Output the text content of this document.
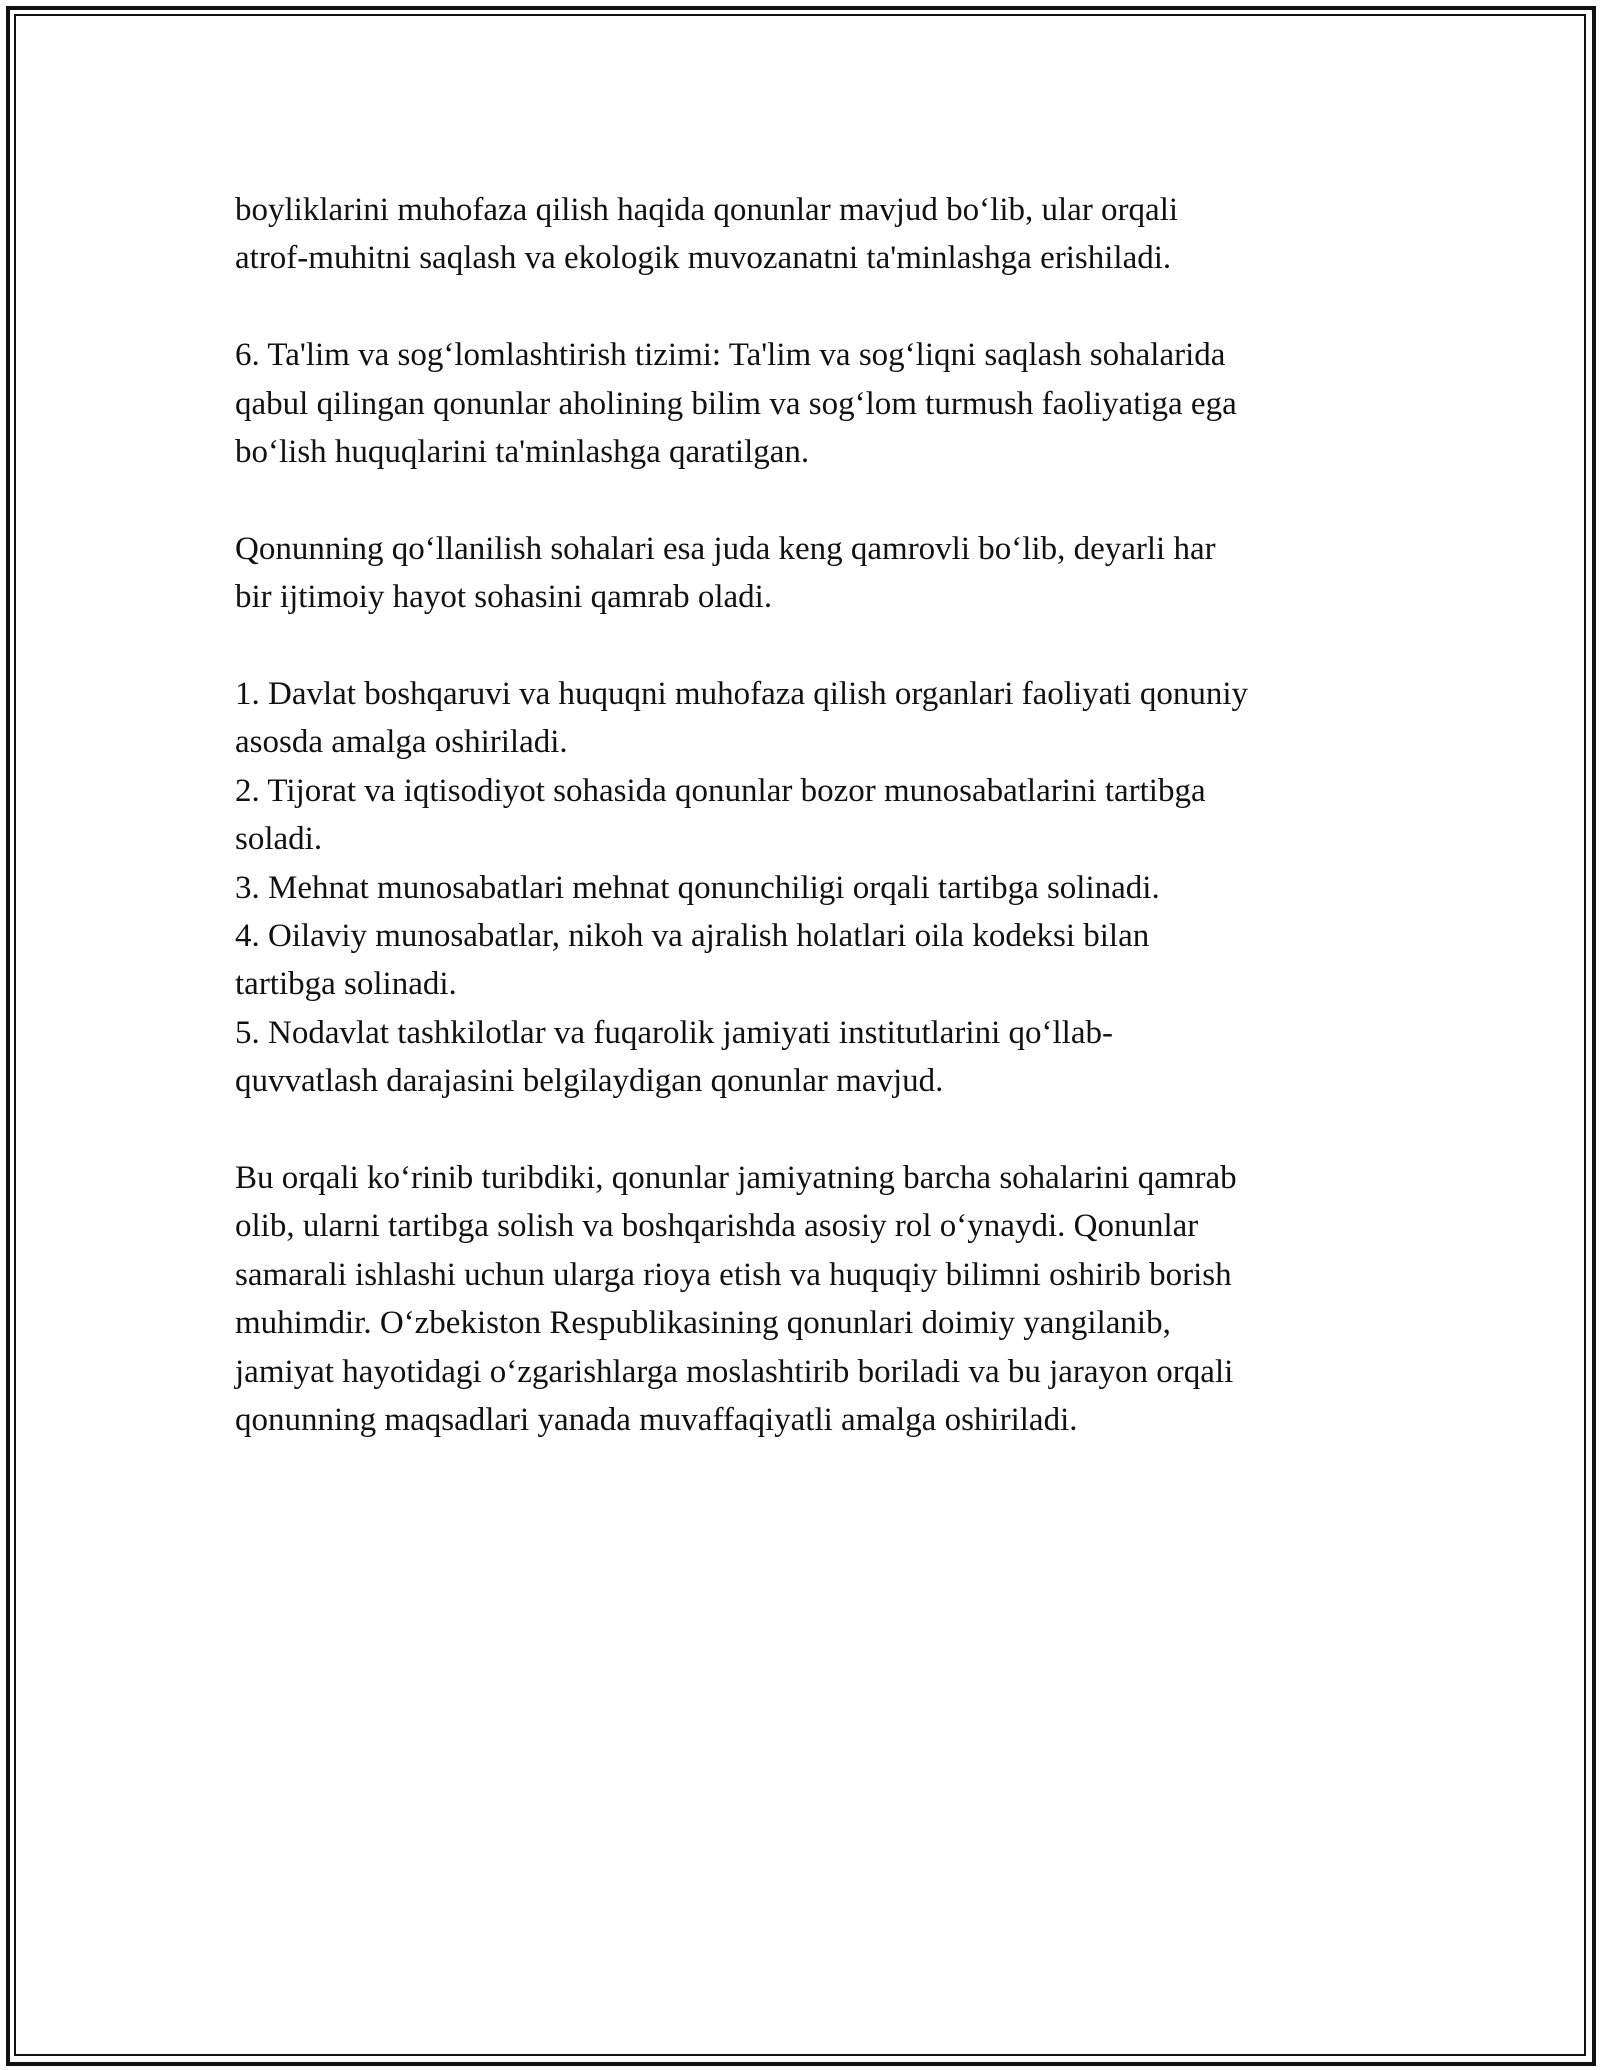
boyliklarini muhofaza qilish haqida qonunlar mavjud bo‘lib, ular orqali

atrof-muhitni saqlash va ekologik muvozanatni ta'minlashga erishiladi.

6. Ta'lim va sog‘lomlashtirish tizimi: Ta'lim va sog‘liqni saqlash sohalarida

qabul qilingan qonunlar aholining bilim va sog‘lom turmush faoliyatiga ega

bo‘lish huquqlarini ta'minlashga qaratilgan.

Qonunning qo‘llanilish sohalari esa juda keng qamrovli bo‘lib, deyarli har

bir ijtimoiy hayot sohasini qamrab oladi.

1. Davlat boshqaruvi va huquqni muhofaza qilish organlari faoliyati qonuniy

asosda amalga oshiriladi.

2. Tijorat va iqtisodiyot sohasida qonunlar bozor munosabatlarini tartibga

soladi.

3. Mehnat munosabatlari mehnat qonunchiligi orqali tartibga solinadi.

4. Oilaviy munosabatlar, nikoh va ajralish holatlari oila kodeksi bilan

tartibga solinadi.

5. Nodavlat tashkilotlar va fuqarolik jamiyati institutlarini qo‘llab-

quvvatlash darajasini belgilaydigan qonunlar mavjud.

Bu orqali ko‘rinib turibdiki, qonunlar jamiyatning barcha sohalarini qamrab

olib, ularni tartibga solish va boshqarishda asosiy rol o‘ynaydi. Qonunlar

samarali ishlashi uchun ularga rioya etish va huquqiy bilimni oshirib borish

muhimdir. O‘zbekiston Respublikasining qonunlari doimiy yangilanib,

jamiyat hayotidagi o‘zgarishlarga moslashtirib boriladi va bu jarayon orqali

qonunning maqsadlari yanada muvaffaqiyatli amalga oshiriladi.
